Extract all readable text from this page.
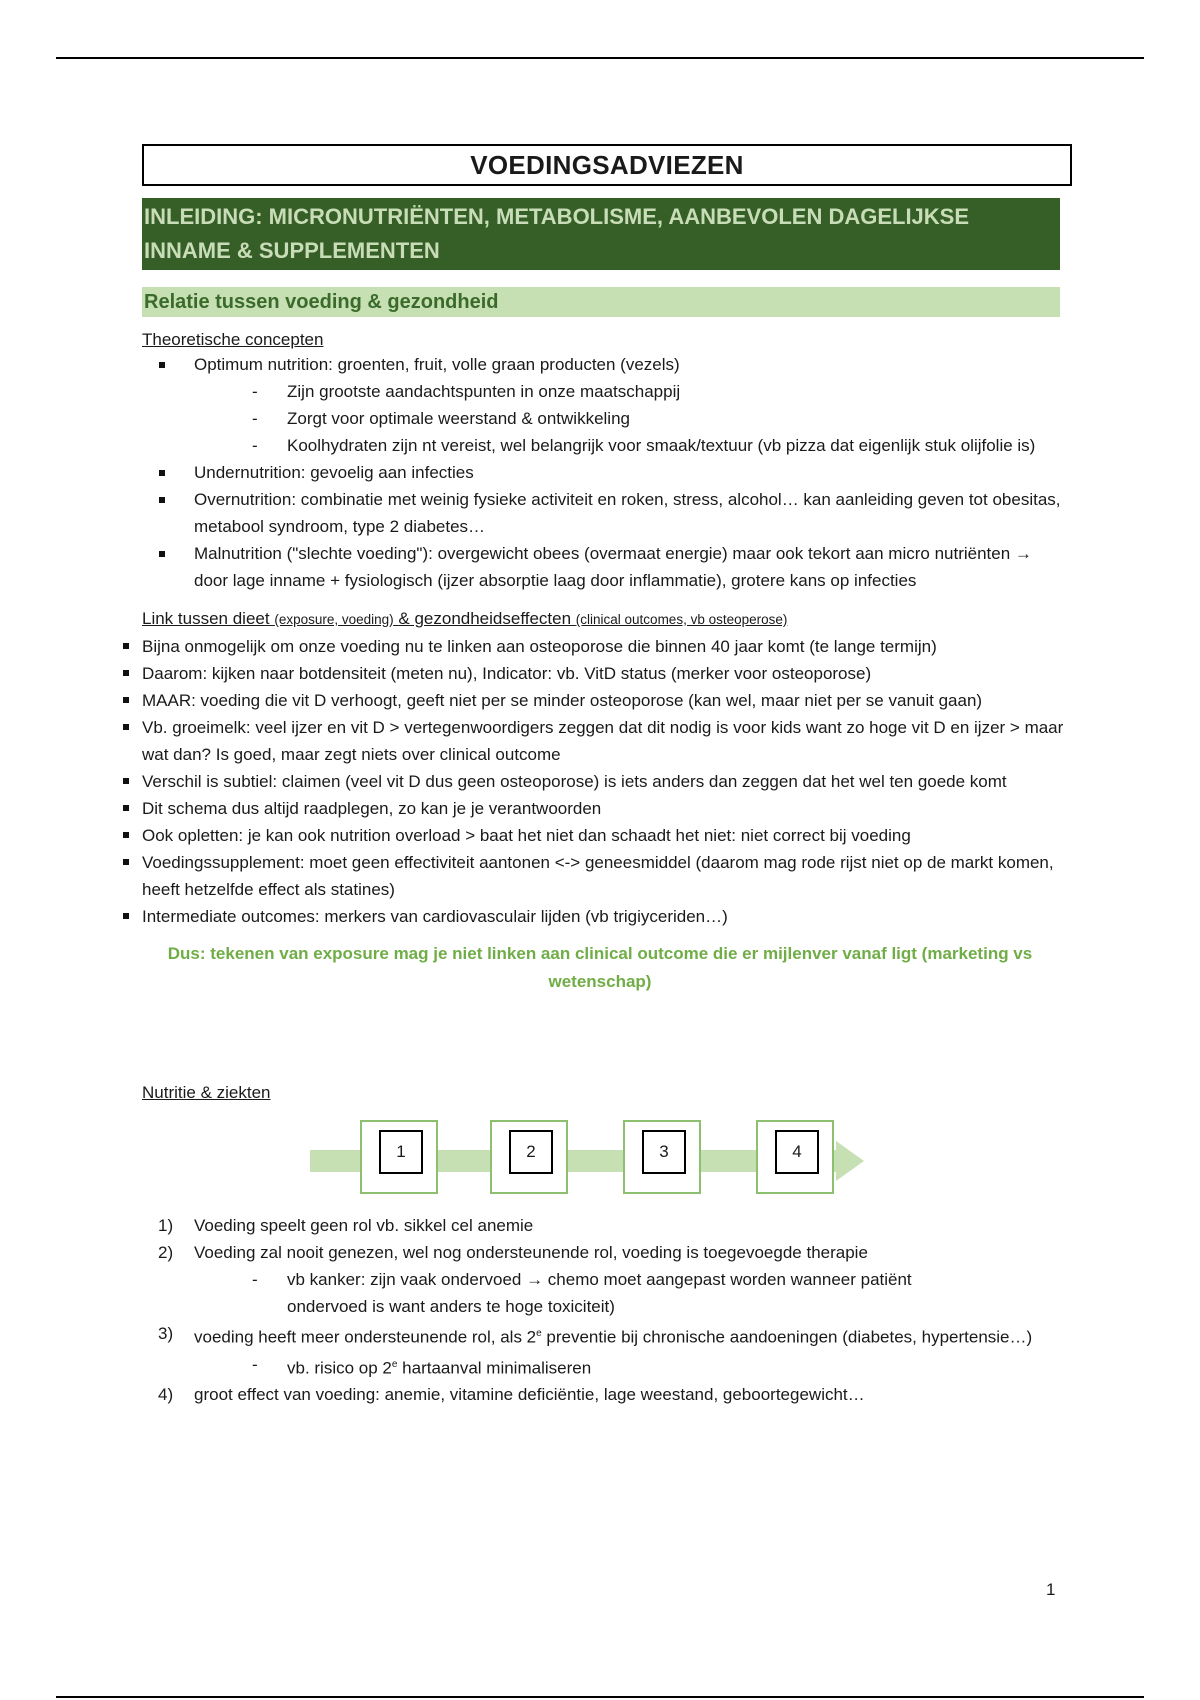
VOEDINGSADVIEZEN
INLEIDING: MICRONUTRIËNTEN, METABOLISME, AANBEVOLEN DAGELIJKSE INNAME & SUPPLEMENTEN
Relatie tussen voeding & gezondheid
Theoretische concepten
Optimum nutrition: groenten, fruit, volle graan producten (vezels)
- Zijn grootste aandachtspunten in onze maatschappij
- Zorgt voor optimale weerstand & ontwikkeling
- Koolhydraten zijn nt vereist, wel belangrijk voor smaak/textuur (vb pizza dat eigenlijk stuk olijfolie is)
Undernutrition: gevoelig aan infecties
Overnutrition: combinatie met weinig fysieke activiteit en roken, stress, alcohol… kan aanleiding geven tot obesitas, metabool syndroom, type 2 diabetes…
Malnutrition ("slechte voeding"): overgewicht obees (overmaat energie) maar ook tekort aan micro nutriënten → door lage inname + fysiologisch (ijzer absorptie laag door inflammatie), grotere kans op infecties
Link tussen dieet (exposure, voeding) & gezondheidseffecten (clinical outcomes, vb osteoperose)
Bijna onmogelijk om onze voeding nu te linken aan osteoporose die binnen 40 jaar komt (te lange termijn)
Daarom: kijken naar botdensiteit (meten nu), Indicator: vb. VitD status (merker voor osteoporose)
MAAR: voeding die vit D verhoogt, geeft niet per se minder osteoporose (kan wel, maar niet per se vanuit gaan)
Vb. groeimelk: veel ijzer en vit D > vertegenwoordigers zeggen dat dit nodig is voor kids want zo hoge vit D en ijzer > maar wat dan? Is goed, maar zegt niets over clinical outcome
Verschil is subtiel: claimen (veel vit D dus geen osteoporose) is iets anders dan zeggen dat het wel ten goede komt
Dit schema dus altijd raadplegen, zo kan je je verantwoorden
Ook opletten: je kan ook nutrition overload > baat het niet dan schaadt het niet: niet correct bij voeding
Voedingssupplement: moet geen effectiviteit aantonen <-> geneesmiddel (daarom mag rode rijst niet op de markt komen, heeft hetzelfde effect als statines)
Intermediate outcomes: merkers van cardiovasculair lijden (vb trigiyceriden…)
Dus: tekenen van exposure mag je niet linken aan clinical outcome die er mijlenver vanaf ligt (marketing vs wetenschap)
Nutritie & ziekten
1	2	3	4
1) Voeding speelt geen rol vb. sikkel cel anemie
2) Voeding zal nooit genezen, wel nog ondersteunende rol, voeding is toegevoegde therapie
- vb kanker: zijn vaak ondervoed → chemo moet aangepast worden wanneer patiënt ondervoed is want anders te hoge toxiciteit)
3) voeding heeft meer ondersteunende rol, als 2e preventie bij chronische aandoeningen (diabetes, hypertensie…)
- vb. risico op 2e hartaanval minimaliseren
4) groot effect van voeding: anemie, vitamine deficiëntie, lage weestand, geboortegewicht…
1
